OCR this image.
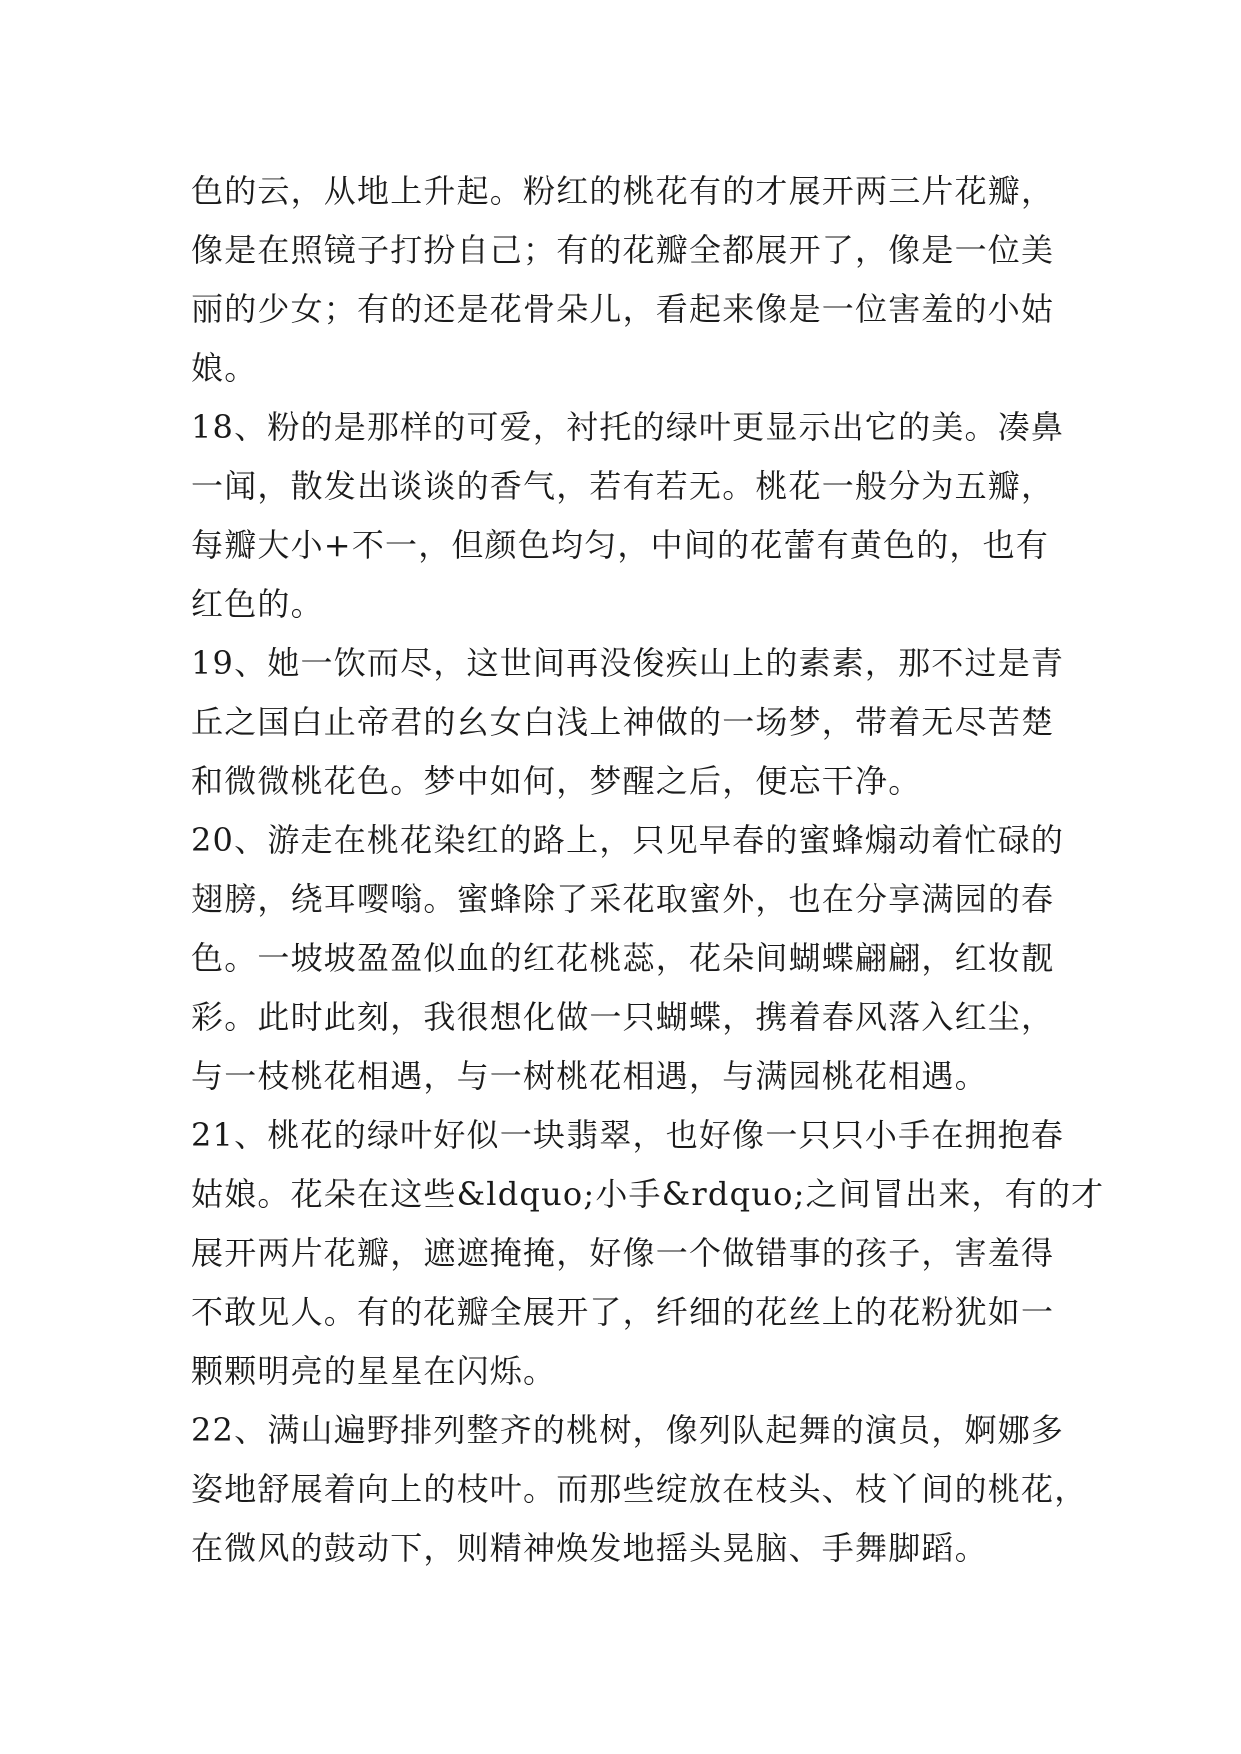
色的云，从地上升起。粉红的桃花有的才展开两三片花瓣，
像是在照镜子打扮自己；有的花瓣全都展开了，像是一位美
丽的少女；有的还是花骨朵儿，看起来像是一位害羞的小姑
娘。
18、粉的是那样的可爱，衬托的绿叶更显示出它的美。凑鼻
一闻，散发出谈谈的香气，若有若无。桃花一般分为五瓣，
每瓣大小+不一，但颜色均匀，中间的花蕾有黄色的，也有
红色的。
19、她一饮而尽，这世间再没俊疾山上的素素，那不过是青
丘之国白止帝君的幺女白浅上神做的一场梦，带着无尽苦楚
和微微桃花色。梦中如何，梦醒之后，便忘干净。
20、游走在桃花染红的路上，只见早春的蜜蜂煽动着忙碌的
翅膀，绕耳嘤嗡。蜜蜂除了采花取蜜外，也在分享满园的春
色。一坡坡盈盈似血的红花桃蕊，花朵间蝴蝶翩翩，红妆靓
彩。此时此刻，我很想化做一只蝴蝶，携着春风落入红尘，
与一枝桃花相遇，与一树桃花相遇，与满园桃花相遇。
21、桃花的绿叶好似一块翡翠，也好像一只只小手在拥抱春
姑娘。花朵在这些&ldquo;小手&rdquo;之间冒出来，有的才
展开两片花瓣，遮遮掩掩，好像一个做错事的孩子，害羞得
不敢见人。有的花瓣全展开了，纤细的花丝上的花粉犹如一
颗颗明亮的星星在闪烁。
22、满山遍野排列整齐的桃树，像列队起舞的演员，婀娜多
姿地舒展着向上的枝叶。而那些绽放在枝头、枝丫间的桃花，
在微风的鼓动下，则精神焕发地摇头晃脑、手舞脚蹈。
